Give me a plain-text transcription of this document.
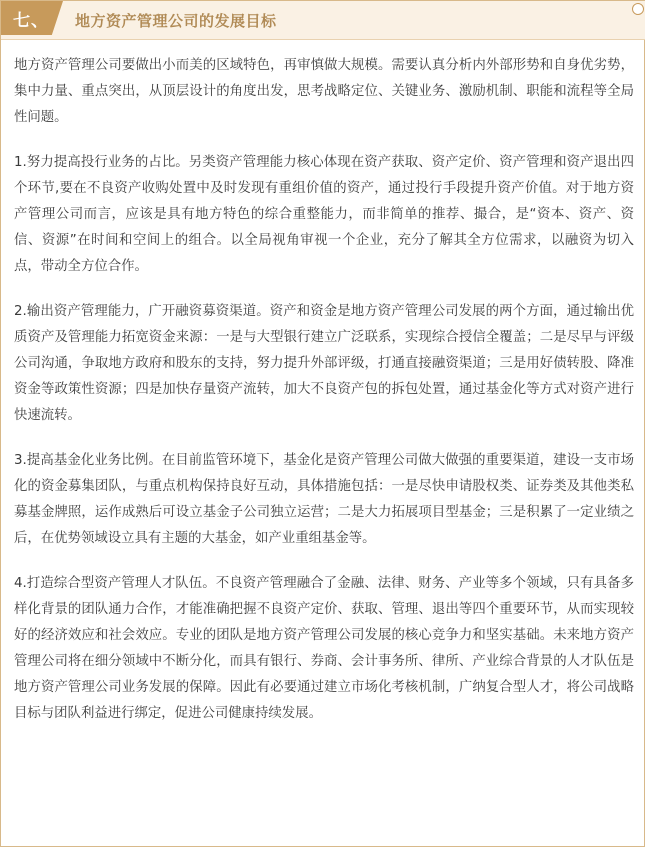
七、 地方资产管理公司的发展目标

地方资产管理公司要做出小而美的区域特色，再审慎做大规模。需要认真分析内外部形势和自身优劣势，集中力量、重点突出，从顶层设计的角度出发，思考战略定位、关键业务、激励机制、职能和流程等全局性问题。

1.努力提高投行业务的占比。另类资产管理能力核心体现在资产获取、资产定价、资产管理和资产退出四个环节,要在不良资产收购处置中及时发现有重组价值的资产，通过投行手段提升资产价值。对于地方资产管理公司而言，应该是具有地方特色的综合重整能力，而非简单的推荐、撮合，是“资本、资产、资信、资源”在时间和空间上的组合。以全局视角审视一个企业，充分了解其全方位需求，以融资为切入点，带动全方位合作。

2.输出资产管理能力，广开融资募资渠道。资产和资金是地方资产管理公司发展的两个方面，通过输出优质资产及管理能力拓宽资金来源：一是与大型银行建立广泛联系，实现综合授信全覆盖；二是尽早与评级公司沟通，争取地方政府和股东的支持，努力提升外部评级，打通直接融资渠道；三是用好债转股、降准资金等政策性资源；四是加快存量资产流转，加大不良资产包的拆包处置，通过基金化等方式对资产进行快速流转。

3.提高基金化业务比例。在目前监管环境下，基金化是资产管理公司做大做强的重要渠道，建设一支市场化的资金募集团队，与重点机构保持良好互动，具体措施包括：一是尽快申请股权类、证券类及其他类私募基金牌照，运作成熟后可设立基金子公司独立运营；二是大力拓展项目型基金；三是积累了一定业绩之后，在优势领域设立具有主题的大基金，如产业重组基金等。

4.打造综合型资产管理人才队伍。不良资产管理融合了金融、法律、财务、产业等多个领域，只有具备多样化背景的团队通力合作，才能准确把握不良资产定价、获取、管理、退出等四个重要环节，从而实现较好的经济效应和社会效应。专业的团队是地方资产管理公司发展的核心竞争力和坚实基础。未来地方资产管理公司将在细分领域中不断分化，而具有银行、券商、会计事务所、律所、产业综合背景的人才队伍是地方资产管理公司业务发展的保障。因此有必要通过建立市场化考核机制，广纳复合型人才，将公司战略目标与团队利益进行绑定，促进公司健康持续发展。
